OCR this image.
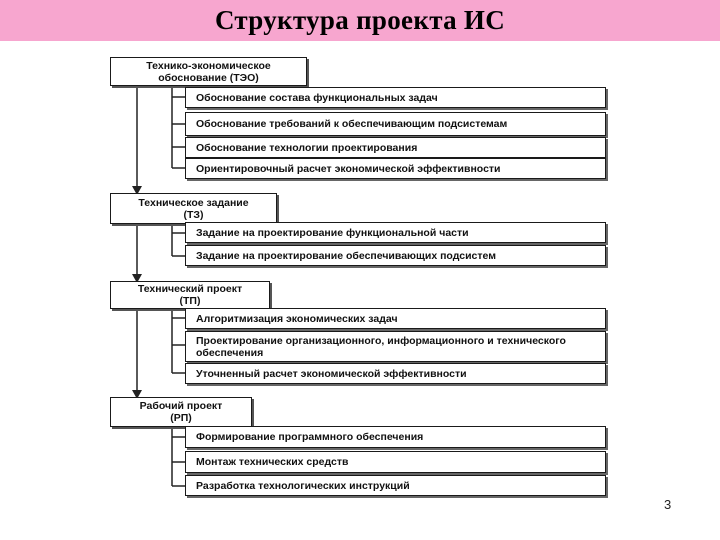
Структура проекта ИС
Технико-экономическое
обоснование (ТЭО)
Техническое задание
(ТЗ)
Технический проект
(ТП)
Рабочий проект
(РП)
Обоснование состава функциональных задач
Обоснование требований к обеспечивающим подсистемам
Обоснование технологии проектирования
Ориентировочный расчет экономической эффективности
Задание на проектирование функциональной части
Задание на проектирование обеспечивающих подсистем
Алгоритмизация экономических задач
Проектирование организационного, информационного и технического обеспечения
Уточненный расчет экономической эффективности
Формирование программного обеспечения
Монтаж технических средств
Разработка технологических инструкций
3
